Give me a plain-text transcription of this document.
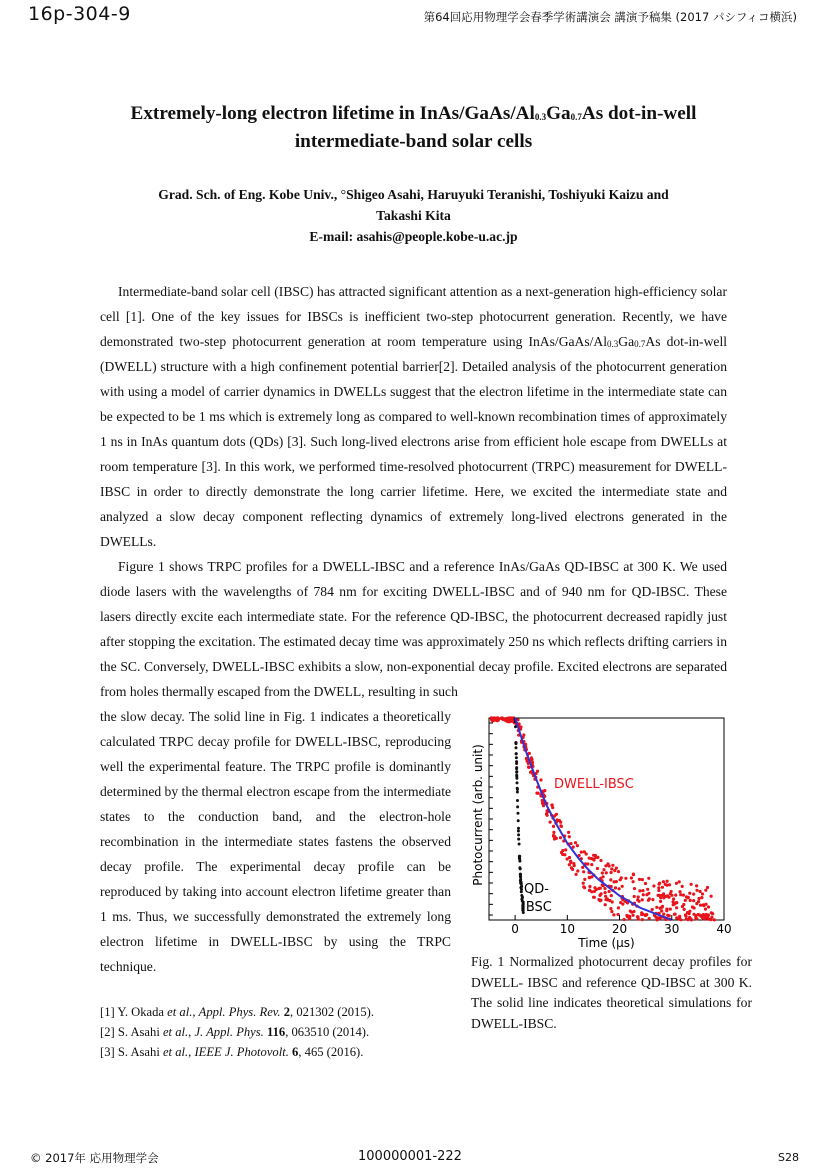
16p-304-9	第64回応用物理学会春季学術講演会 講演予稿集 (2017 パシフィコ横浜)
Extremely-long electron lifetime in InAs/$GaAs/Al_{0.3}Ga_{0.7}As$ dot-in-well
intermediate-band solar cells
Grad. Sch. of Eng. Kobe Univ., °Shigeo Asahi, Haruyuki Teranishi, Toshiyuki Kaizu and
Takashi Kita
E-mail: asahis@people.kobe-u.ac.jp
Intermediate-band solar cell (IBSC) has attracted significant attention as a next-generation high-efficiency solar cell [1]. One of the key issues for IBSCs is inefficient two-step photocurrent generation. Recently, we have demonstrated two-step photocurrent generation at room temperature using InAs/$GaAs/Al_{0.3}Ga_{0.7}As$ dot-in-well (DWELL) structure with a high confinement potential barrier[2]. Detailed analysis of the photocurrent generation with using a model of carrier dynamics in DWELLs suggest that the electron lifetime in the intermediate state can be expected to be 1 ms which is extremely long as compared to well-known recombination times of approximately 1 ns in InAs quantum dots (QDs) [3]. Such long-lived electrons arise from efficient hole escape from DWELLs at room temperature [3]. In this work, we performed time-resolved photocurrent (TRPC) measurement for DWELL-IBSC in order to directly demonstrate the long carrier lifetime. Here, we excited the intermediate state and analyzed a slow decay component reflecting dynamics of extremely long-lived electrons generated in the DWELLs.
Figure 1 shows TRPC profiles for a DWELL-IBSC and a reference InAs/GaAs QD-IBSC at 300 K. We used diode lasers with the wavelengths of 784 nm for exciting DWELL-IBSC and of 940 nm for QD-IBSC. These lasers directly excite each intermediate state. For the reference QD-IBSC, the photocurrent decreased rapidly just after stopping the excitation. The estimated decay time was approximately 250 ns which reflects drifting carriers in the SC. Conversely, DWELL-IBSC exhibits a slow, non-exponential decay profile. Excited electrons are separated from holes thermally escaped from the DWELL, resulting in such
the slow decay. The solid line in Fig. 1 indicates a theoretically calculated TRPC decay profile for DWELL-IBSC, reproducing well the experimental feature. The TRPC profile is dominantly determined by the thermal electron escape from the intermediate states to the conduction band, and the electron-hole recombination in the intermediate states fastens the observed decay profile. The experimental decay profile can be reproduced by taking into account electron lifetime greater than 1 ms. Thus, we successfully demonstrated the extremely long electron lifetime in DWELL-IBSC by using the TRPC technique.
0	10	20	30	40
Time (µs)
Photocurrent (arb. unit)	DWELL-IBSC
QD-IBSC
Fig. 1 Normalized photocurrent decay profiles for DWELL- IBSC and reference QD-IBSC at 300 K. The solid line indicates theoretical simulations for DWELL-IBSC.
[1] Y. Okada et al., Appl. Phys. Rev. 2, 021302 (2015).
[2] S. Asahi et al., J. Appl. Phys. 116, 063510 (2014).
[3] S. Asahi et al., IEEE J. Photovolt. 6, 465 (2016).
© 2017年 応用物理学会	100000001-222	S28
